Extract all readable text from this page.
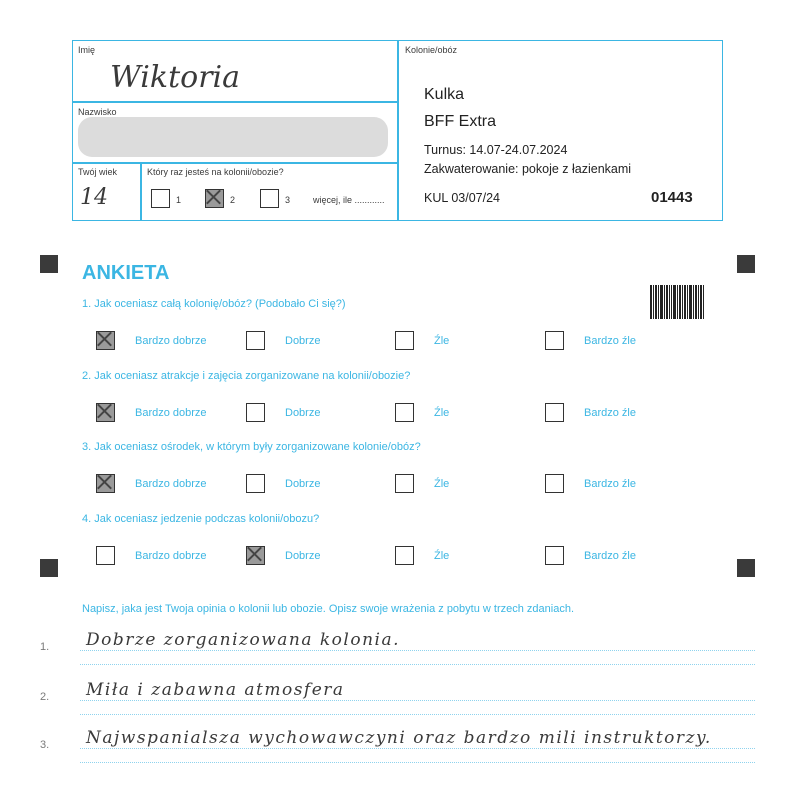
Imię
Wiktoria
Nazwisko
Twój wiek
14
Który raz jesteś na kolonii/obozie?
1	2	3	więcej, ile ............
Kolonie/obóz
Kulka
BFF Extra
Turnus: 14.07-24.07.2024
Zakwaterowanie: pokoje z łazienkami
KUL 03/07/24	01443
ANKIETA
1. Jak oceniasz całą kolonię/obóz? (Podobało Ci się?)
Bardzo dobrze	Dobrze	Źle	Bardzo źle
2. Jak oceniasz atrakcje i zajęcia zorganizowane na kolonii/obozie?
Bardzo dobrze	Dobrze	Źle	Bardzo źle
3. Jak oceniasz ośrodek, w którym były zorganizowane kolonie/obóz?
Bardzo dobrze	Dobrze	Źle	Bardzo źle
4. Jak oceniasz jedzenie podczas kolonii/obozu?
Bardzo dobrze	Dobrze	Źle	Bardzo źle
Napisz, jaka jest Twoja opinia o kolonii lub obozie. Opisz swoje wrażenia z pobytu w trzech zdaniach.
1. Dobrze zorganizowana kolonia.
2. Miła i zabawna atmosfera
3. Najwspanialsza wychowawczyni oraz bardzo mili instruktorzy.
